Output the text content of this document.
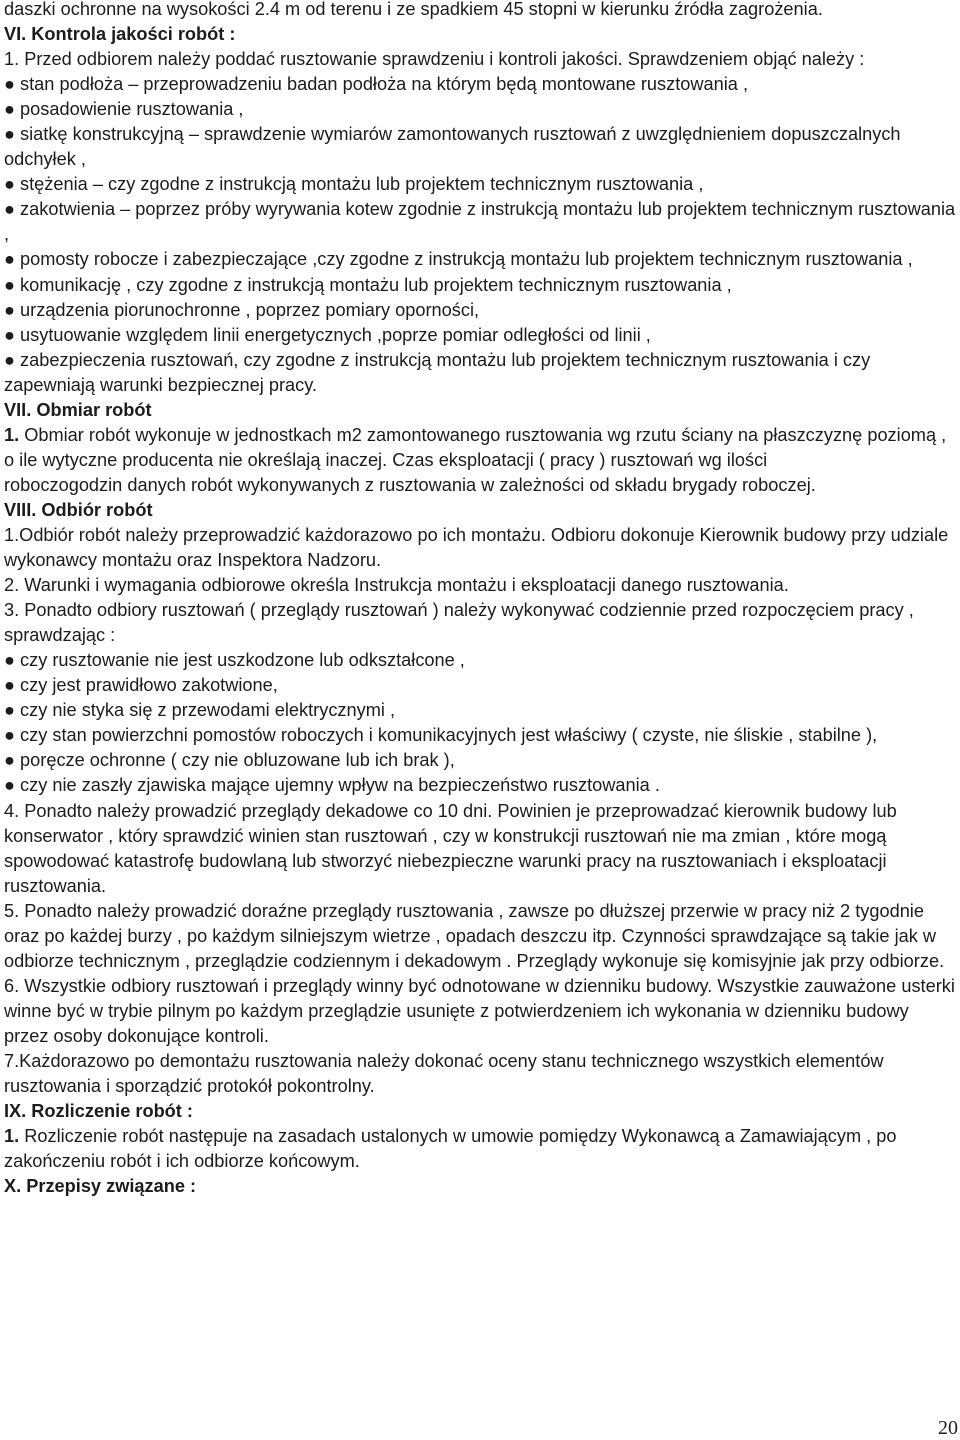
daszki ochronne na wysokości 2.4 m od terenu i ze spadkiem 45 stopni w kierunku źródła zagrożenia.

VI. Kontrola jakości robót :

1. Przed odbiorem należy poddać rusztowanie sprawdzeniu i kontroli jakości. Sprawdzeniem objąć należy :

● stan podłoża – przeprowadzeniu badan podłoża na którym będą montowane rusztowania ,

● posadowienie rusztowania ,

● siatkę konstrukcyjną – sprawdzenie wymiarów zamontowanych rusztowań z uwzględnieniem dopuszczalnych odchyłek ,

● stężenia – czy zgodne z instrukcją montażu lub projektem technicznym rusztowania ,

● zakotwienia – poprzez próby wyrywania kotew zgodnie z instrukcją montażu lub projektem technicznym rusztowania ,

● pomosty robocze i zabezpieczające ,czy zgodne z instrukcją montażu lub projektem technicznym rusztowania ,

● komunikację , czy zgodne z instrukcją montażu lub projektem technicznym rusztowania ,

● urządzenia piorunochronne , poprzez pomiary oporności,

● usytuowanie względem linii energetycznych ,poprze pomiar odległości od linii ,

● zabezpieczenia rusztowań, czy zgodne z instrukcją montażu lub projektem technicznym rusztowania i czy zapewniają warunki bezpiecznej pracy.

VII. Obmiar robót

1. Obmiar robót wykonuje w jednostkach m2 zamontowanego rusztowania wg rzutu ściany na płaszczyznę poziomą , o ile wytyczne producenta nie określają inaczej. Czas eksploatacji ( pracy ) rusztowań wg ilości

roboczogodzin danych robót wykonywanych z rusztowania w zależności od składu brygady roboczej.

VIII. Odbiór robót

1.Odbiór robót należy przeprowadzić każdorazowo po ich montażu. Odbioru dokonuje Kierownik budowy przy udziale wykonawcy montażu oraz Inspektora Nadzoru.

2. Warunki i wymagania odbiorowe określa Instrukcja montażu i eksploatacji danego rusztowania.

3. Ponadto odbiory rusztowań ( przeglądy rusztowań ) należy wykonywać codziennie przed rozpoczęciem pracy , sprawdzając :

● czy rusztowanie nie jest uszkodzone lub odkształcone ,

● czy jest prawidłowo zakotwione,

● czy nie styka się z przewodami elektrycznymi ,

● czy stan powierzchni pomostów roboczych i komunikacyjnych jest właściwy ( czyste, nie śliskie , stabilne ),

● poręcze ochronne ( czy nie obluzowane lub ich brak ),

● czy nie zaszły zjawiska mające ujemny wpływ na bezpieczeństwo rusztowania .

4. Ponadto należy prowadzić przeglądy dekadowe co 10 dni. Powinien je przeprowadzać kierownik budowy lub konserwator , który sprawdzić winien stan rusztowań , czy w konstrukcji rusztowań nie ma zmian , które mogą spowodować katastrofę budowlaną lub stworzyć niebezpieczne warunki pracy na rusztowaniach i eksploatacji rusztowania.

5. Ponadto należy prowadzić doraźne przeglądy rusztowania , zawsze po dłuższej przerwie w pracy niż 2 tygodnie oraz po każdej burzy , po każdym silniejszym wietrze , opadach deszczu itp. Czynności sprawdzające są takie jak w odbiorze technicznym , przeglądzie codziennym i dekadowym . Przeglądy wykonuje się komisyjnie jak przy odbiorze.

6. Wszystkie odbiory rusztowań i przeglądy winny być odnotowane w dzienniku budowy. Wszystkie zauważone usterki winne być w trybie pilnym po każdym przeglądzie usunięte z potwierdzeniem ich wykonania w dzienniku budowy przez osoby dokonujące kontroli.

7.Każdorazowo po demontażu rusztowania należy dokonać oceny stanu technicznego wszystkich elementów rusztowania i sporządzić protokół pokontrolny.

IX. Rozliczenie robót :

1. Rozliczenie robót następuje na zasadach ustalonych w umowie pomiędzy Wykonawcą a Zamawiającym , po zakończeniu robót i ich odbiorze końcowym.

X. Przepisy związane :

20
